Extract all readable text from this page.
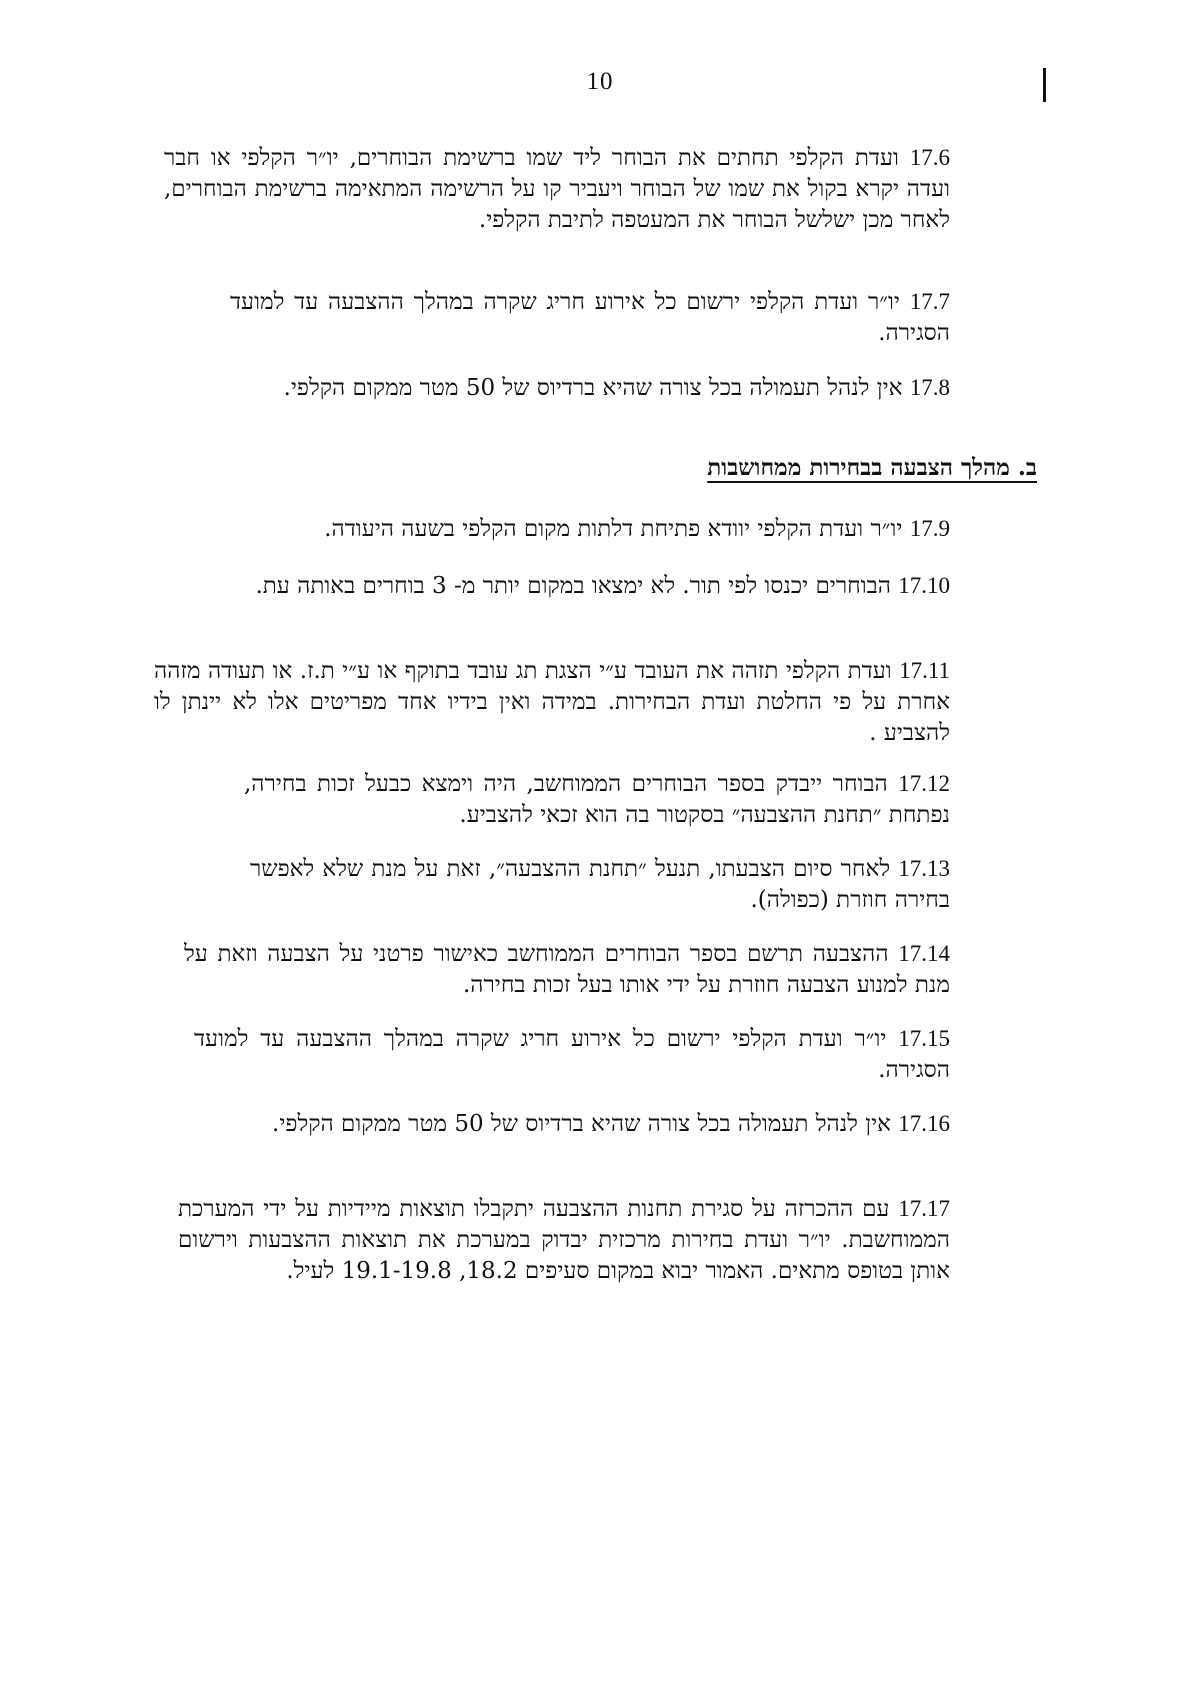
10
17.6 ועדת הקלפי תחתים את הבוחר ליד שמו ברשימת הבוחרים, יו״ר הקלפי או חבר ועדה יקרא בקול את שמו של הבוחר ויעביר קו על הרשימה המתאימה ברשימת הבוחרים, לאחר מכן ישלשל הבוחר את המעטפה לתיבת הקלפי.
17.7 יו״ר ועדת הקלפי ירשום כל אירוע חריג שקרה במהלך ההצבעה עד למועד הסגירה.
17.8 אין לנהל תעמולה בכל צורה שהיא ברדיוס של 50 מטר ממקום הקלפי.
ב. מהלך הצבעה בבחירות ממחושבות
17.9 יו״ר ועדת הקלפי יוודא פתיחת דלתות מקום הקלפי בשעה היעודה.
17.10 הבוחרים יכנסו לפי תור. לא ימצאו במקום יותר מ- 3 בוחרים באותה עת.
17.11 ועדת הקלפי תזהה את העובד ע״י הצגת תג עובד בתוקף או ע״י ת.ז. או תעודה מזהה אחרת על פי החלטת ועדת הבחירות. במידה ואין בידיו אחד מפריטים אלו לא יינתן לו להצביע .
17.12 הבוחר ייבדק בספר הבוחרים הממוחשב, היה וימצא כבעל זכות בחירה, נפתחת ״תחנת ההצבעה״ בסקטור בה הוא זכאי להצביע.
17.13 לאחר סיום הצבעתו, תנעל ״תחנת ההצבעה״, זאת על מנת שלא לאפשר בחירה חוזרת (כפולה).
17.14 ההצבעה תרשם בספר הבוחרים הממוחשב כאישור פרטני על הצבעה וזאת על מנת למנוע הצבעה חוזרת על ידי אותו בעל זכות בחירה.
17.15 יו״ר ועדת הקלפי ירשום כל אירוע חריג שקרה במהלך ההצבעה עד למועד הסגירה.
17.16 אין לנהל תעמולה בכל צורה שהיא ברדיוס של 50 מטר ממקום הקלפי.
17.17 עם ההכרזה על סגירת תחנות ההצבעה יתקבלו תוצאות מיידיות על ידי המערכת הממוחשבת. יו״ר ועדת בחירות מרכזית יבדוק במערכת את תוצאות ההצבעות וירשום אותן בטופס מתאים. האמור יבוא במקום סעיפים 18.2, 19.1-19.8 לעיל.
